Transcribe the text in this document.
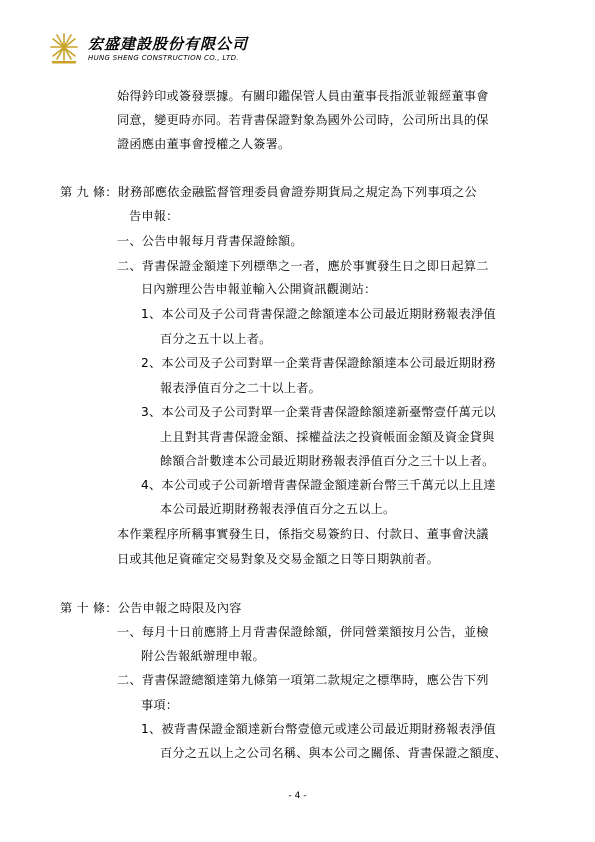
宏盛建設股份有限公司
HUNG SHENG CONSTRUCTION CO., LTD.
始得鈐印或簽發票據。有關印鑑保管人員由董事長指派並報經董事會
同意，變更時亦同。若背書保證對象為國外公司時，公司所出具的保
證函應由董事會授權之人簽署。
第 九 條：財務部應依金融監督管理委員會證券期貨局之規定為下列事項之公
告申報：
一、公告申報每月背書保證餘額。
二、背書保證金額達下列標準之一者，應於事實發生日之即日起算二
日內辦理公告申報並輸入公開資訊觀測站：
1、本公司及子公司背書保證之餘額達本公司最近期財務報表淨值
百分之五十以上者。
2、本公司及子公司對單一企業背書保證餘額達本公司最近期財務
報表淨值百分之二十以上者。
3、本公司及子公司對單一企業背書保證餘額達新臺幣壹仟萬元以
上且對其背書保證金額、採權益法之投資帳面金額及資金貸與
餘額合計數達本公司最近期財務報表淨值百分之三十以上者。
4、本公司或子公司新增背書保證金額達新台幣三千萬元以上且達
本公司最近期財務報表淨值百分之五以上。
本作業程序所稱事實發生日，係指交易簽約日、付款日、董事會決議
日或其他足資確定交易對象及交易金額之日等日期孰前者。
第 十 條：公告申報之時限及內容
一、每月十日前應將上月背書保證餘額，併同營業額按月公告，並檢
附公告報紙辦理申報。
二、背書保證總額達第九條第一項第二款規定之標準時，應公告下列
事項：
1、被背書保證金額達新台幣壹億元或達公司最近期財務報表淨值
百分之五以上之公司名稱、與本公司之關係、背書保證之額度、
- 4 -
